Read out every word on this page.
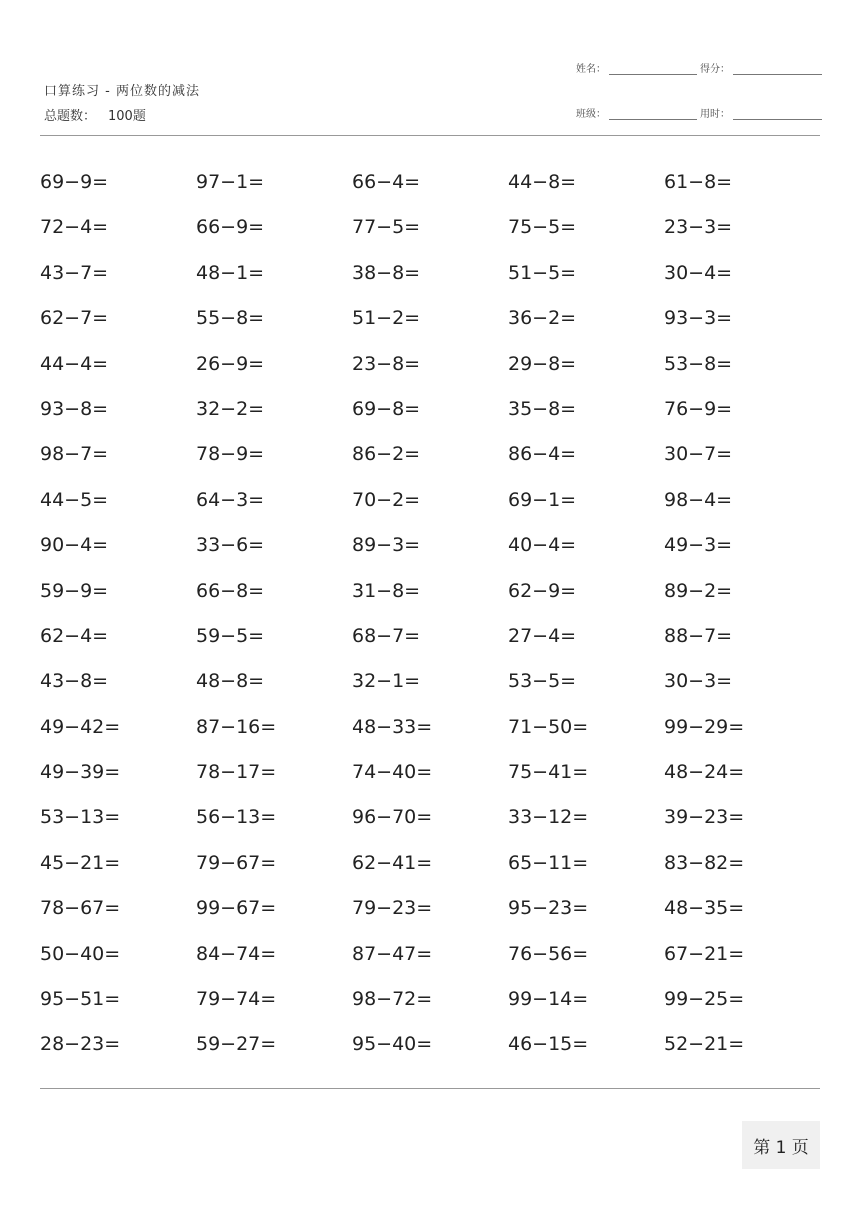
口算练习 - 两位数的减法
总题数： 100题
姓名：	得分：
班级：	用时：
69−9=	97−1=	66−4=	44−8=	61−8=
72−4=	66−9=	77−5=	75−5=	23−3=
43−7=	48−1=	38−8=	51−5=	30−4=
62−7=	55−8=	51−2=	36−2=	93−3=
44−4=	26−9=	23−8=	29−8=	53−8=
93−8=	32−2=	69−8=	35−8=	76−9=
98−7=	78−9=	86−2=	86−4=	30−7=
44−5=	64−3=	70−2=	69−1=	98−4=
90−4=	33−6=	89−3=	40−4=	49−3=
59−9=	66−8=	31−8=	62−9=	89−2=
62−4=	59−5=	68−7=	27−4=	88−7=
43−8=	48−8=	32−1=	53−5=	30−3=
49−42=	87−16=	48−33=	71−50=	99−29=
49−39=	78−17=	74−40=	75−41=	48−24=
53−13=	56−13=	96−70=	33−12=	39−23=
45−21=	79−67=	62−41=	65−11=	83−82=
78−67=	99−67=	79−23=	95−23=	48−35=
50−40=	84−74=	87−47=	76−56=	67−21=
95−51=	79−74=	98−72=	99−14=	99−25=
28−23=	59−27=	95−40=	46−15=	52−21=
第 1 页
